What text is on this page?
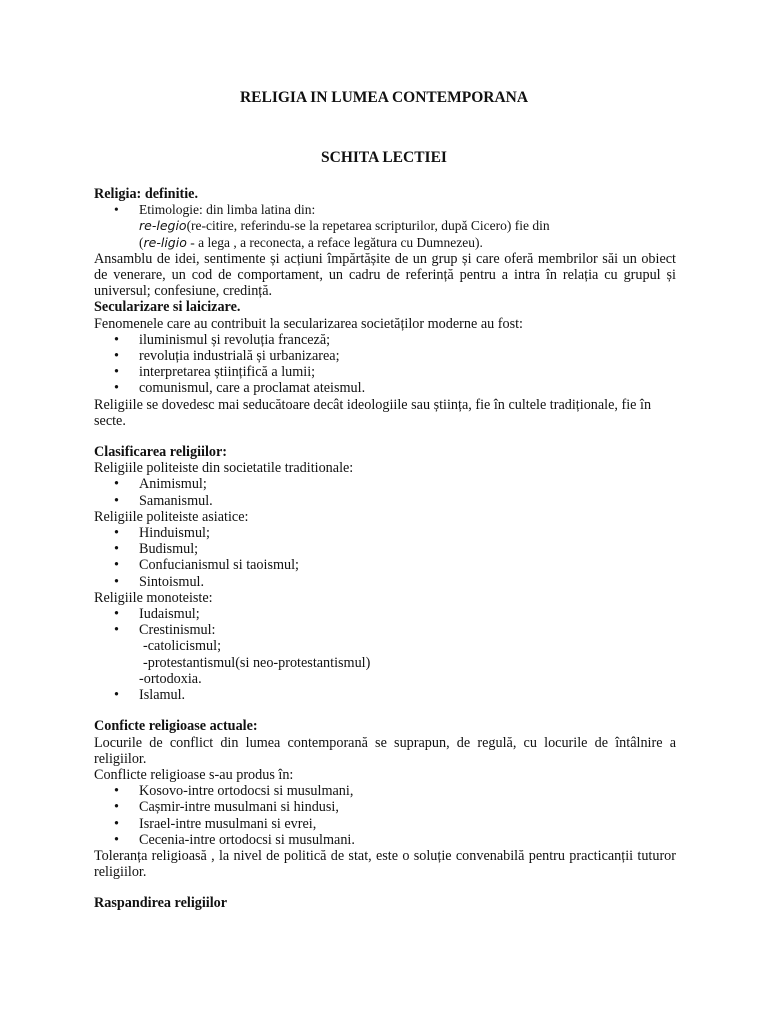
RELIGIA IN LUMEA CONTEMPORANA
SCHITA LECTIEI

Religia: definitie.

• Etimologie: din limba latina din:

re-legio(re-citire, referindu-se la repetarea scripturilor, după Cicero) fie din

(re-ligio - a lega , a reconecta, a reface legătura cu Dumnezeu).

Ansamblu de idei, sentimente și acțiuni împărtășite de un grup și care oferă membrilor săi un obiect de venerare, un cod de comportament, un cadru de referință pentru a intra în relația cu grupul și universul; confesiune, credință.

Secularizare si laicizare.

Fenomenele care au contribuit la secularizarea societăților moderne au fost:

• iluminismul și revoluția franceză;
• revoluția industrială și urbanizarea;
• interpretarea științifică a lumii;
• comunismul, care a proclamat ateismul.

Religiile se dovedesc mai seducătoare decât ideologiile sau știința, fie în cultele tradiționale, fie în secte.

Clasificarea religiilor:

Religiile politeiste din societatile traditionale:

• Animismul;
• Samanismul.

Religiile politeiste asiatice:

• Hinduismul;
• Budismul;
• Confucianismul si taoismul;
• Sintoismul.

Religiile monoteiste:

• Iudaismul;
• Crestinismul:

-catolicismul;

-protestantismul(si neo-protestantismul)

-ortodoxia.

• Islamul.

Conficte religioase actuale:

Locurile de conflict din lumea contemporană se suprapun, de regulă, cu locurile de întâlnire a religiilor.

Conflicte religioase s-au produs în:

• Kosovo-intre ortodocsi si musulmani,
• Cașmir-intre musulmani si hindusi,
• Israel-intre musulmani si evrei,
• Cecenia-intre ortodocsi si musulmani.

Toleranța religioasă , la nivel de politică de stat, este o soluție convenabilă pentru practicanții tuturor religiilor.

Raspandirea religiilor
